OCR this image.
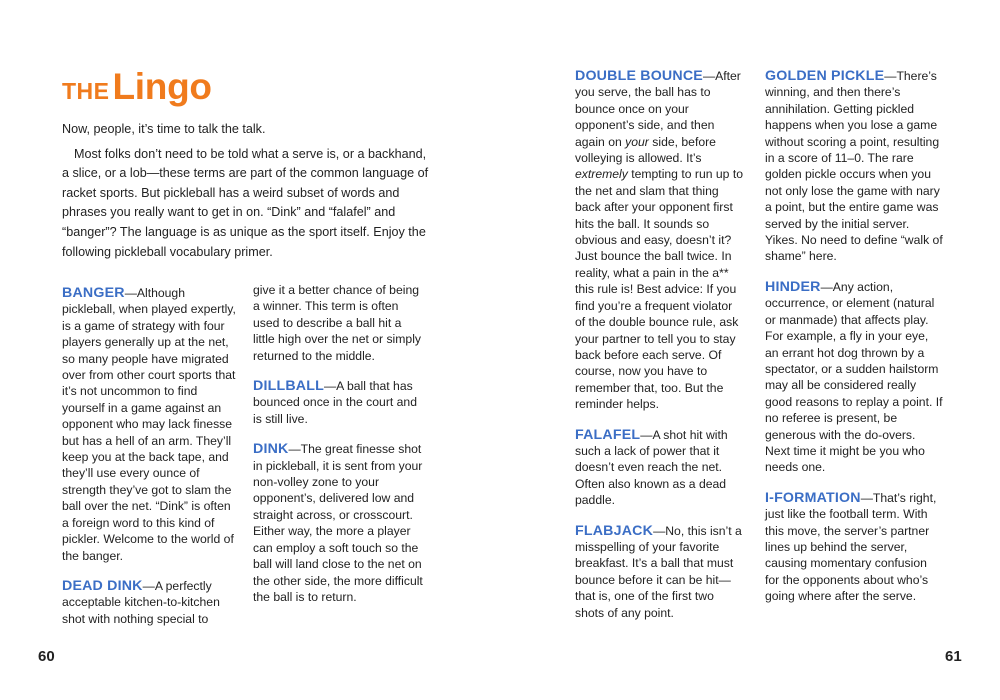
THELingo

Now, people, it’s time to talk the talk.

Most folks don’t need to be told what a serve is, or a backhand, a slice, or a lob—these terms are part of the common language of racket sports. But pickleball has a weird subset of words and phrases you really want to get in on. “Dink” and “falafel” and “banger”? The language is as unique as the sport itself. Enjoy the following pickleball vocabulary primer.

BANGER—Although pickleball, when played expertly, is a game of strategy with four players generally up at the net, so many people have migrated over from other court sports that it’s not uncommon to find yourself in a game against an opponent who may lack finesse but has a hell of an arm. They’ll keep you at the back tape, and they’ll use every ounce of strength they’ve got to slam the ball over the net. “Dink” is often a foreign word to this kind of pickler. Welcome to the world of the banger.
DEAD DINK—A perfectly acceptable kitchen-to-kitchen shot with nothing special to
give it a better chance of being a winner. This term is often used to describe a ball hit a little high over the net or simply returned to the middle.
DILLBALL—A ball that has bounced once in the court and is still live.
DINK—The great finesse shot in pickleball, it is sent from your non-volley zone to your opponent’s, delivered low and straight across, or crosscourt. Either way, the more a player can employ a soft touch so the ball will land close to the net on the other side, the more difficult the ball is to return.
60	61
DOUBLE BOUNCE—After you serve, the ball has to bounce once on your opponent’s side, and then again on your side, before volleying is allowed. It’s extremely tempting to run up to the net and slam that thing back after your opponent first hits the ball. It sounds so obvious and easy, doesn’t it? Just bounce the ball twice. In reality, what a pain in the a** this rule is! Best advice: If you find you’re a frequent violator of the double bounce rule, ask your partner to tell you to stay back before each serve. Of course, now you have to remember that, too. But the reminder helps.
FALAFEL—A shot hit with such a lack of power that it doesn’t even reach the net. Often also known as a dead paddle.
FLABJACK—No, this isn’t a misspelling of your favorite breakfast. It’s a ball that must bounce before it can be hit—that is, one of the first two shots of any point.
GOLDEN PICKLE—There’s winning, and then there’s annihilation. Getting pickled happens when you lose a game without scoring a point, resulting in a score of 11–0. The rare golden pickle occurs when you not only lose the game with nary a point, but the entire game was served by the initial server. Yikes. No need to define “walk of shame” here.
HINDER—Any action, occurrence, or element (natural or manmade) that affects play. For example, a fly in your eye, an errant hot dog thrown by a spectator, or a sudden hailstorm may all be considered really good reasons to replay a point. If no referee is present, be generous with the do-overs. Next time it might be you who needs one.
I-FORMATION—That’s right, just like the football term. With this move, the server’s partner lines up behind the server, causing momentary confusion for the opponents about who’s going where after the serve.
